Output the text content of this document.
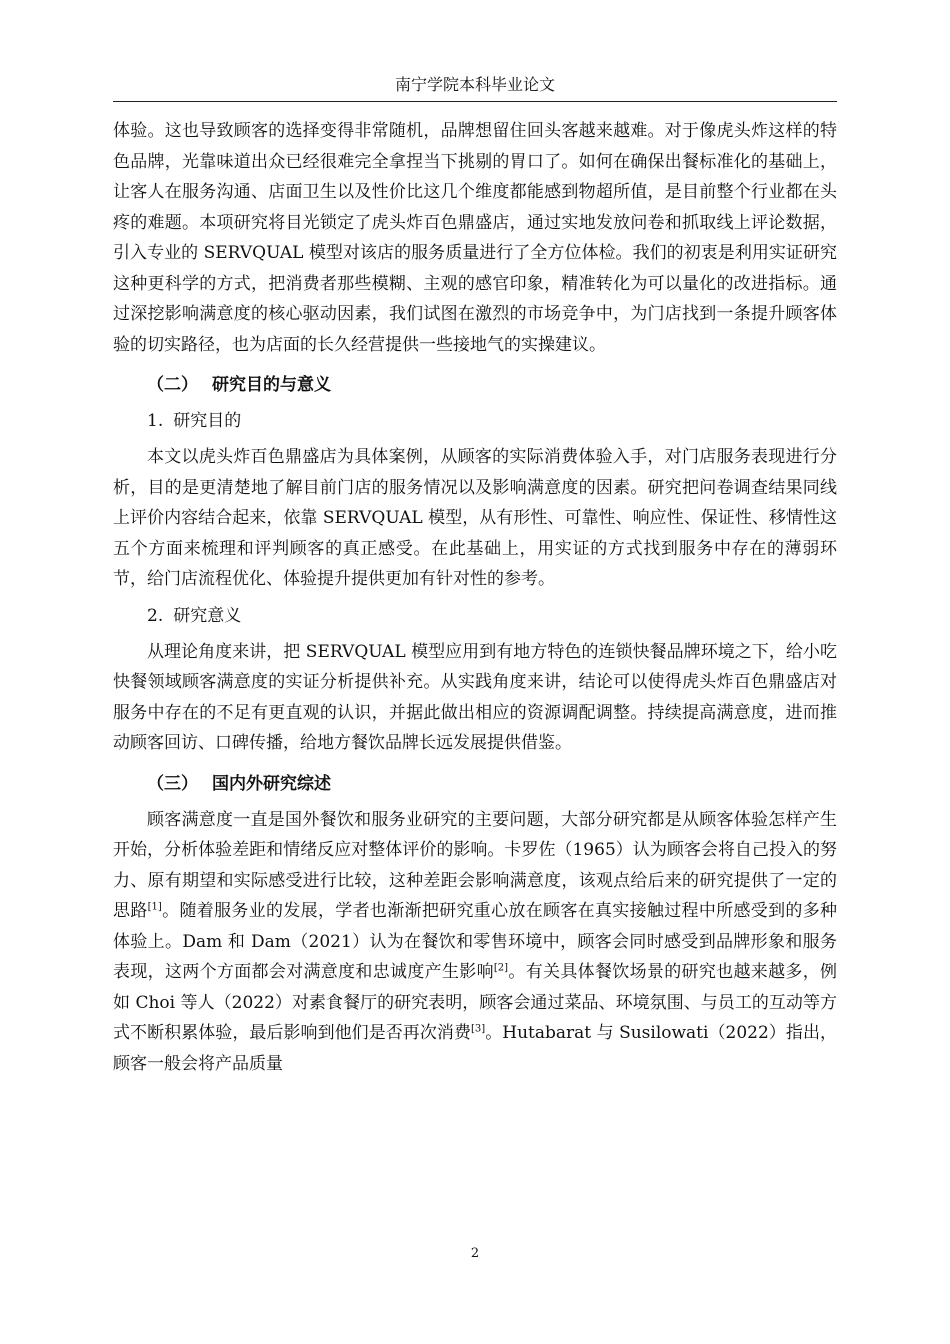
南宁学院本科毕业论文

体验。这也导致顾客的选择变得非常随机，品牌想留住回头客越来越难。对于像虎头炸这样的特色品牌，光靠味道出众已经很难完全拿捏当下挑剔的胃口了。如何在确保出餐标准化的基础上，让客人在服务沟通、店面卫生以及性价比这几个维度都能感到物超所值，是目前整个行业都在头疼的难题。本项研究将目光锁定了虎头炸百色鼎盛店，通过实地发放问卷和抓取线上评论数据，引入专业的 SERVQUAL 模型对该店的服务质量进行了全方位体检。我们的初衷是利用实证研究这种更科学的方式，把消费者那些模糊、主观的感官印象，精准转化为可以量化的改进指标。通过深挖影响满意度的核心驱动因素，我们试图在激烈的市场竞争中，为门店找到一条提升顾客体验的切实路径，也为店面的长久经营提供一些接地气的实操建议。

（二） 研究目的与意义
1. 研究目的

本文以虎头炸百色鼎盛店为具体案例，从顾客的实际消费体验入手，对门店服务表现进行分析，目的是更清楚地了解目前门店的服务情况以及影响满意度的因素。研究把问卷调查结果同线上评价内容结合起来，依靠 SERVQUAL 模型，从有形性、可靠性、响应性、保证性、移情性这五个方面来梳理和评判顾客的真正感受。在此基础上，用实证的方式找到服务中存在的薄弱环节，给门店流程优化、体验提升提供更加有针对性的参考。

2. 研究意义

从理论角度来讲，把 SERVQUAL 模型应用到有地方特色的连锁快餐品牌环境之下，给小吃快餐领域顾客满意度的实证分析提供补充。从实践角度来讲，结论可以使得虎头炸百色鼎盛店对服务中存在的不足有更直观的认识，并据此做出相应的资源调配调整。持续提高满意度，进而推动顾客回访、口碑传播，给地方餐饮品牌长远发展提供借鉴。

（三） 国内外研究综述

顾客满意度一直是国外餐饮和服务业研究的主要问题，大部分研究都是从顾客体验怎样产生开始，分析体验差距和情绪反应对整体评价的影响。卡罗佐（1965）认为顾客会将自己投入的努力、原有期望和实际感受进行比较，这种差距会影响满意度，该观点给后来的研究提供了一定的思路[1]。随着服务业的发展，学者也渐渐把研究重心放在顾客在真实接触过程中所感受到的多种体验上。Dam 和 Dam（2021）认为在餐饮和零售环境中，顾客会同时感受到品牌形象和服务表现，这两个方面都会对满意度和忠诚度产生影响[2]。有关具体餐饮场景的研究也越来越多，例如 Choi 等人（2022）对素食餐厅的研究表明，顾客会通过菜品、环境氛围、与员工的互动等方式不断积累体验，最后影响到他们是否再次消费[3]。Hutabarat 与 Susilowati（2022）指出，顾客一般会将产品质量

2
